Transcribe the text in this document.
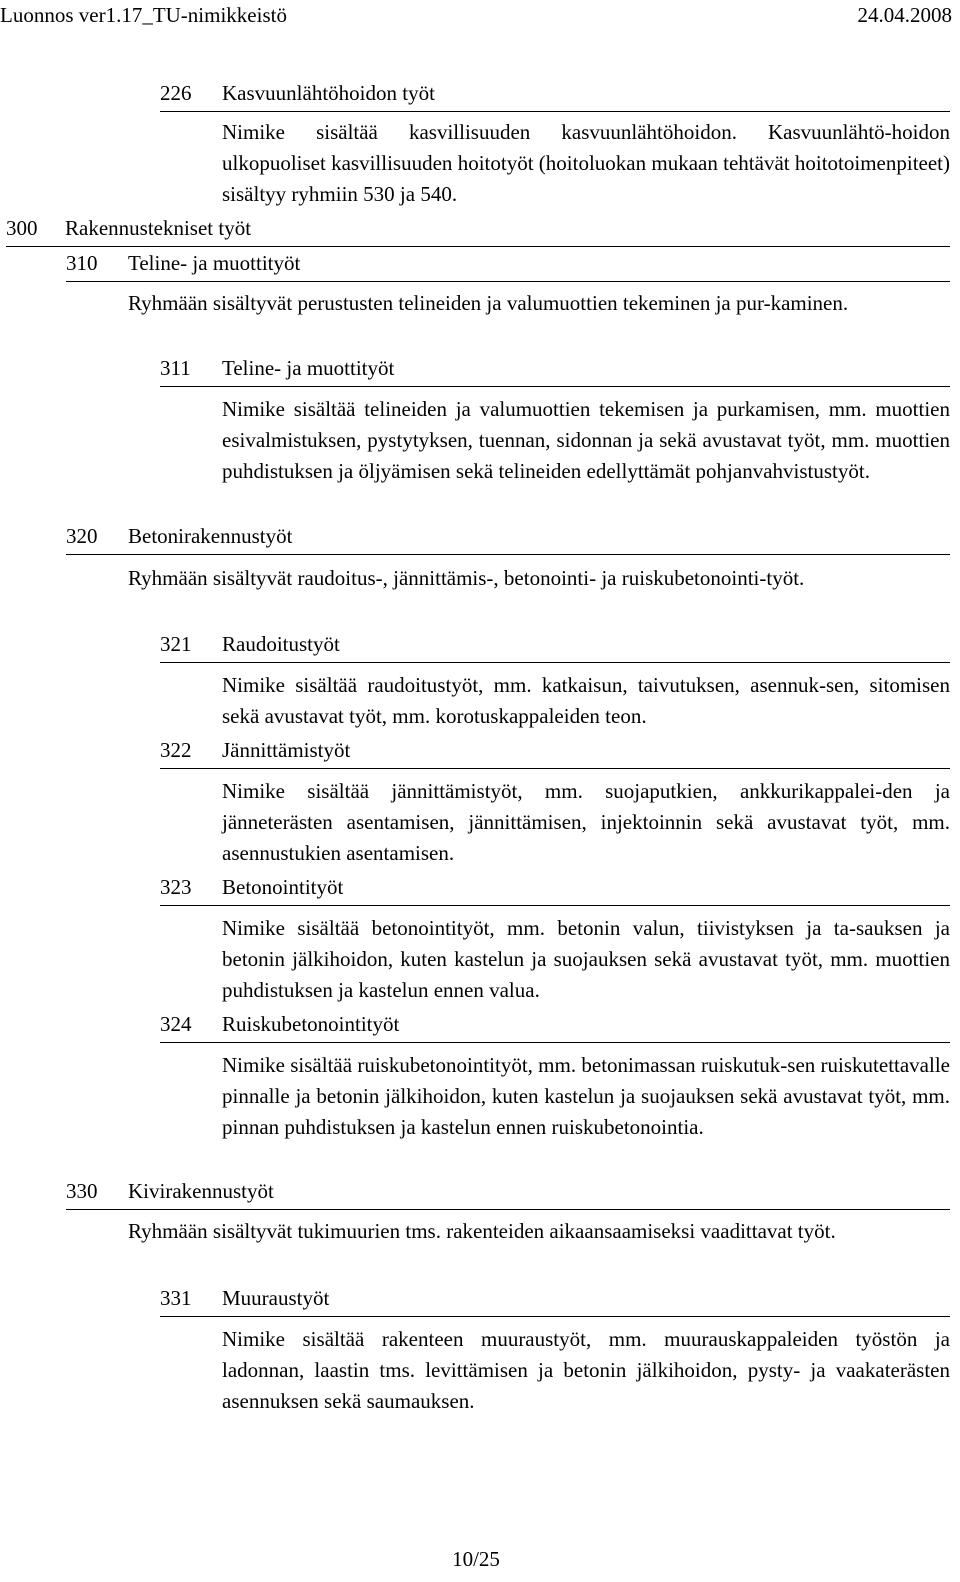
Luonnos ver1.17_TU-nimikkeistö	24.04.2008
226 Kasvuunlähtöhoidon työt

Nimike sisältää kasvillisuuden kasvuunlähtöhoidon. Kasvuunlähtö-hoidon ulkopuoliset kasvillisuuden hoitotyöt (hoitoluokan mukaan tehtävät hoitotoimenpiteet) sisältyy ryhmiin 530 ja 540.

300 Rakennustekniset työt
310 Teline- ja muottityöt

Ryhmään sisältyvät perustusten telineiden ja valumuottien tekeminen ja pur-kaminen.

311 Teline- ja muottityöt

Nimike sisältää telineiden ja valumuottien tekemisen ja purkamisen, mm. muottien esivalmistuksen, pystytyksen, tuennan, sidonnan ja sekä avustavat työt, mm. muottien puhdistuksen ja öljyämisen sekä telineiden edellyttämät pohjanvahvistustyöt.

320 Betonirakennustyöt

Ryhmään sisältyvät raudoitus-, jännittämis-, betonointi- ja ruiskubetonointi-työt.

321 Raudoitustyöt

Nimike sisältää raudoitustyöt, mm. katkaisun, taivutuksen, asennuk-sen, sitomisen sekä avustavat työt, mm. korotuskappaleiden teon.

322 Jännittämistyöt

Nimike sisältää jännittämistyöt, mm. suojaputkien, ankkurikappalei-den ja jänneterästen asentamisen, jännittämisen, injektoinnin sekä avustavat työt, mm. asennustukien asentamisen.

323 Betonointityöt

Nimike sisältää betonointityöt, mm. betonin valun, tiivistyksen ja ta-sauksen ja betonin jälkihoidon, kuten kastelun ja suojauksen sekä avustavat työt, mm. muottien puhdistuksen ja kastelun ennen valua.

324 Ruiskubetonointityöt

Nimike sisältää ruiskubetonointityöt, mm. betonimassan ruiskutuk-sen ruiskutettavalle pinnalle ja betonin jälkihoidon, kuten kastelun ja suojauksen sekä avustavat työt, mm. pinnan puhdistuksen ja kastelun ennen ruiskubetonointia.

330 Kivirakennustyöt

Ryhmään sisältyvät tukimuurien tms. rakenteiden aikaansaamiseksi vaadittavat työt.

331 Muuraustyöt

Nimike sisältää rakenteen muuraustyöt, mm. muurauskappaleiden työstön ja ladonnan, laastin tms. levittämisen ja betonin jälkihoidon, pysty- ja vaakaterästen asennuksen sekä saumauksen.

10/25
